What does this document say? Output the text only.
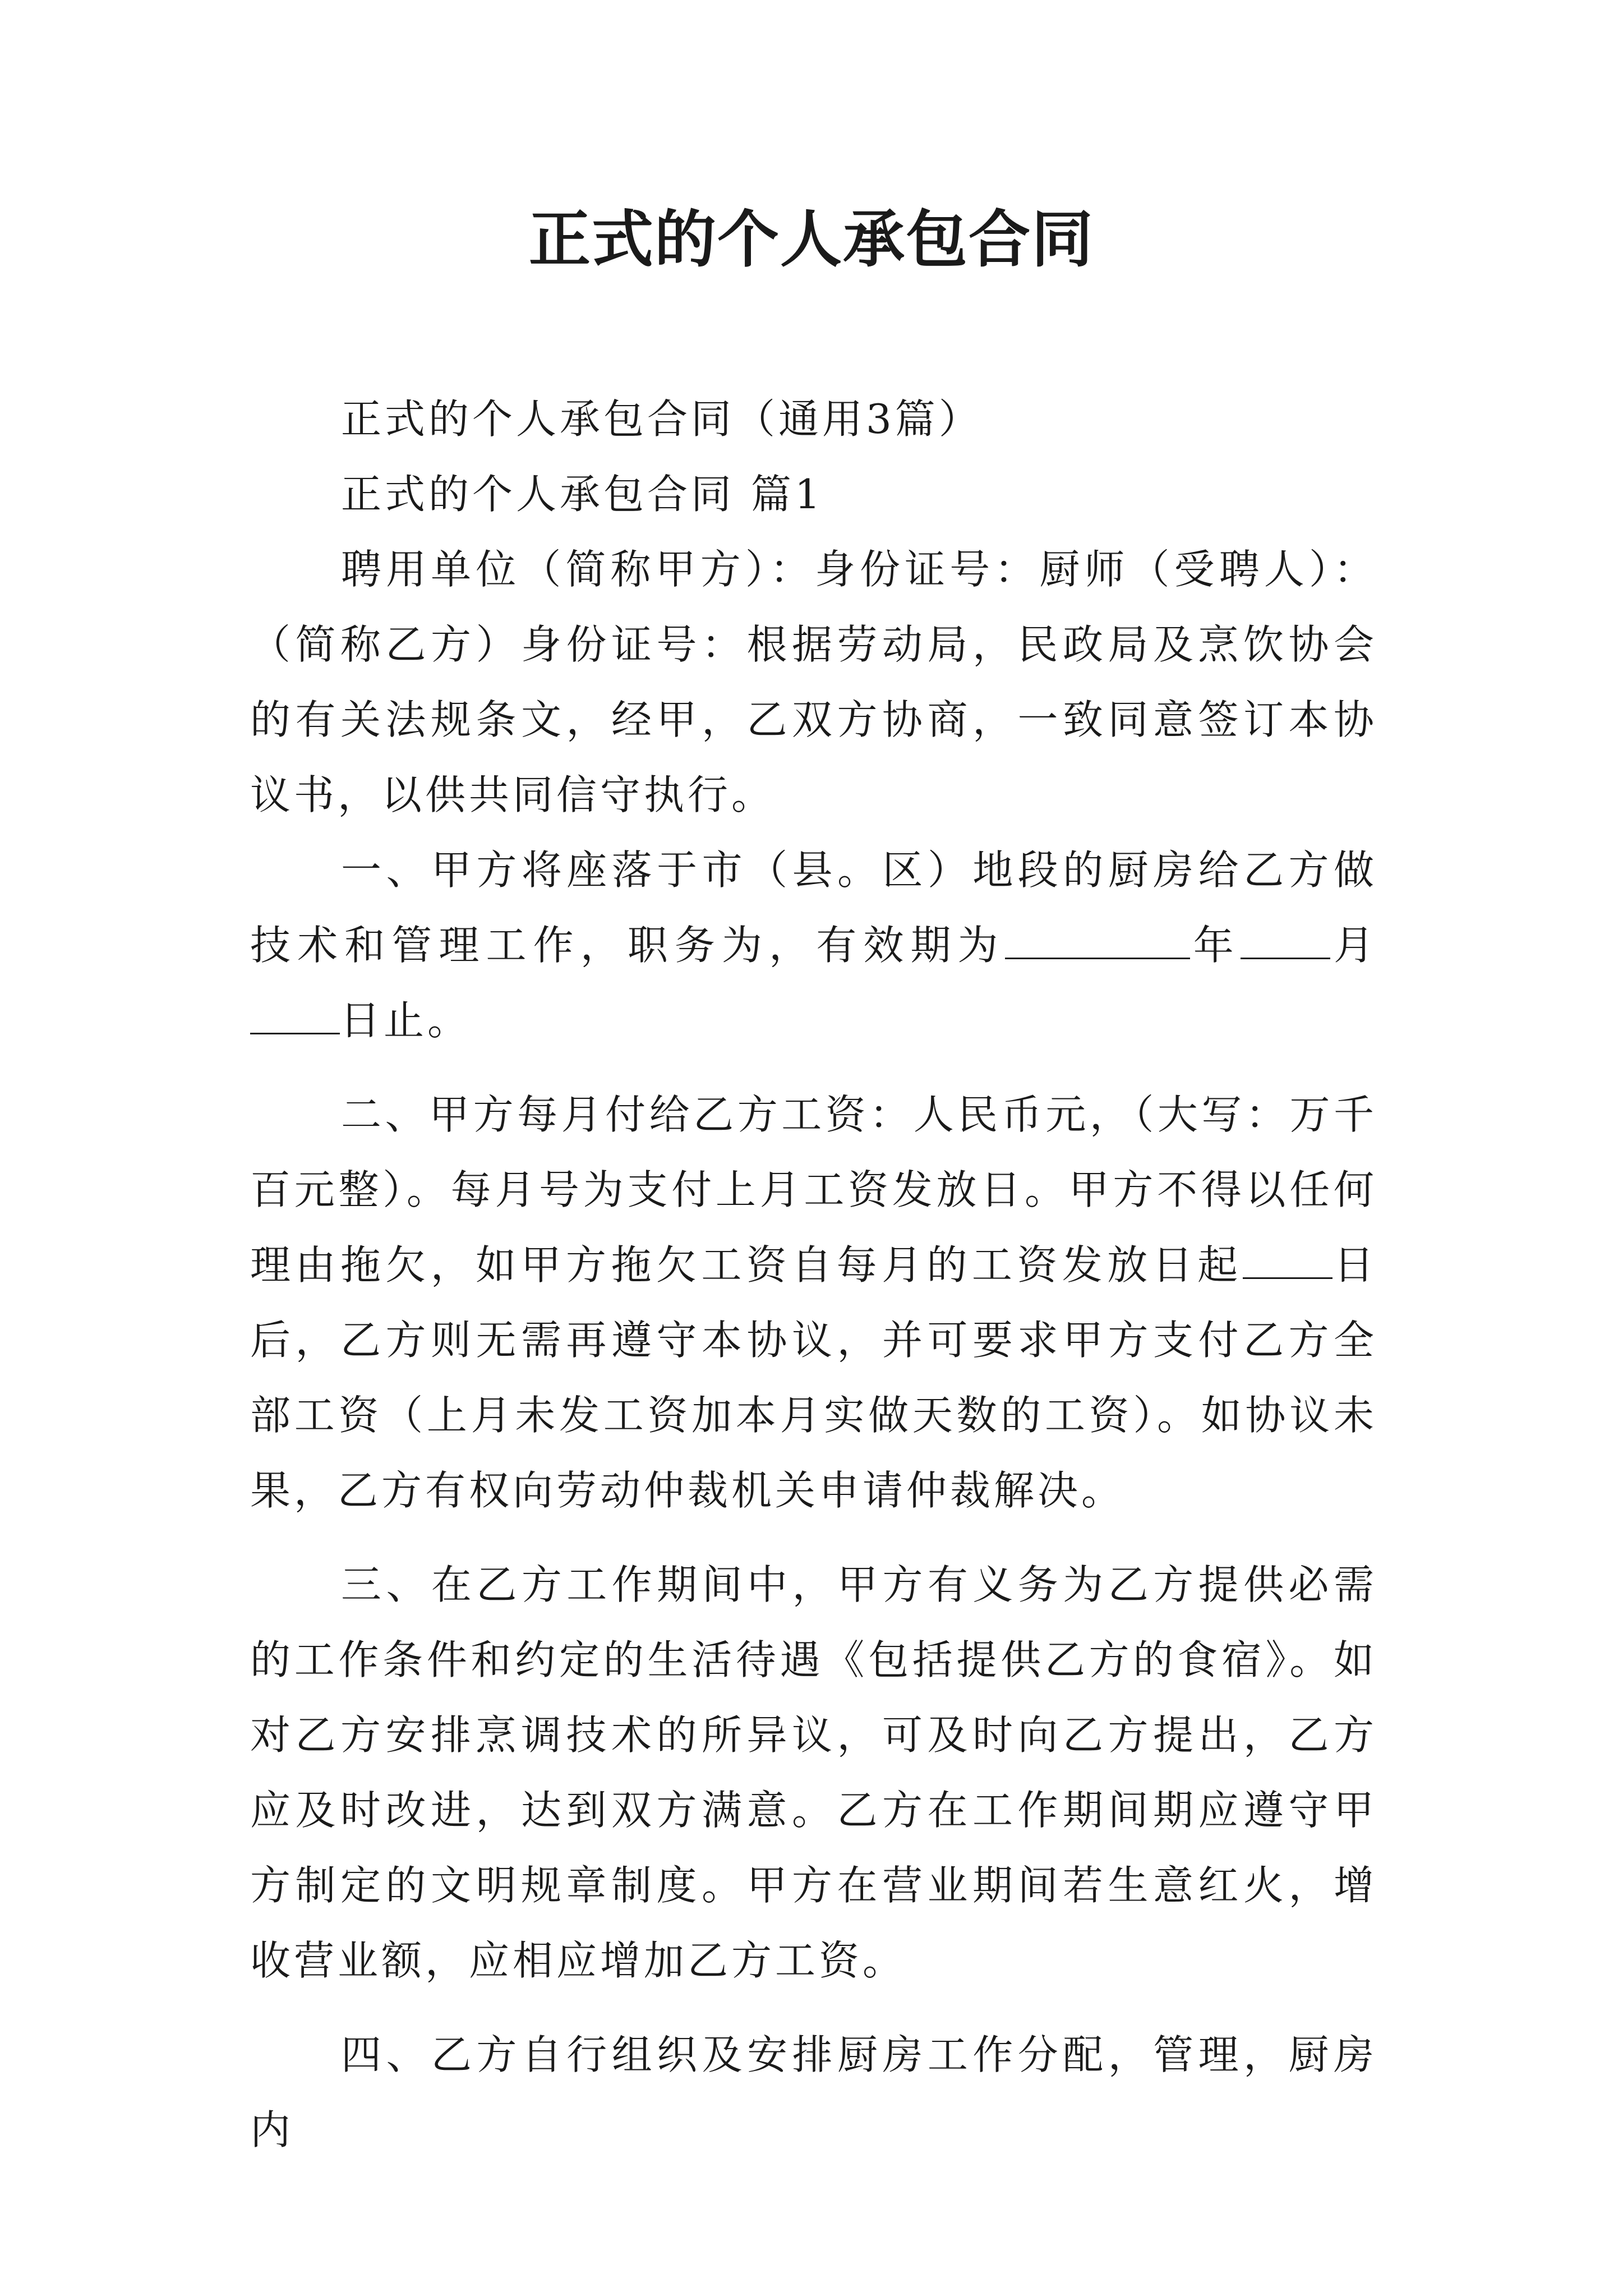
正式的个人承包合同

正式的个人承包合同（通用3篇）

正式的个人承包合同 篇1

聘用单位（简称甲方）：身份证号：厨师（受聘人）：（简称乙方）身份证号：根据劳动局，民政局及烹饮协会的有关法规条文，经甲，乙双方协商，一致同意签订本协议书，以供共同信守执行。

一、甲方将座落于市（县。区）地段的厨房给乙方做技术和管理工作，职务为，有效期为	年 月日止。

二、甲方每月付给乙方工资：人民币元，（大写：万千百元整）。每月号为支付上月工资发放日。甲方不得以任何理由拖欠，如甲方拖欠工资自每月的工资发放日起 日后，乙方则无需再遵守本协议，并可要求甲方支付乙方全部工资（上月未发工资加本月实做天数的工资）。如协议未果，乙方有权向劳动仲裁机关申请仲裁解决。

三、在乙方工作期间中，甲方有义务为乙方提供必需的工作条件和约定的生活待遇《包括提供乙方的食宿》。如对乙方安排烹调技术的所异议，可及时向乙方提出，乙方应及时改进，达到双方满意。乙方在工作期间期应遵守甲方制定的文明规章制度。甲方在营业期间若生意红火，增收营业额，应相应增加乙方工资。

四、乙方自行组织及安排厨房工作分配，管理，厨房内
